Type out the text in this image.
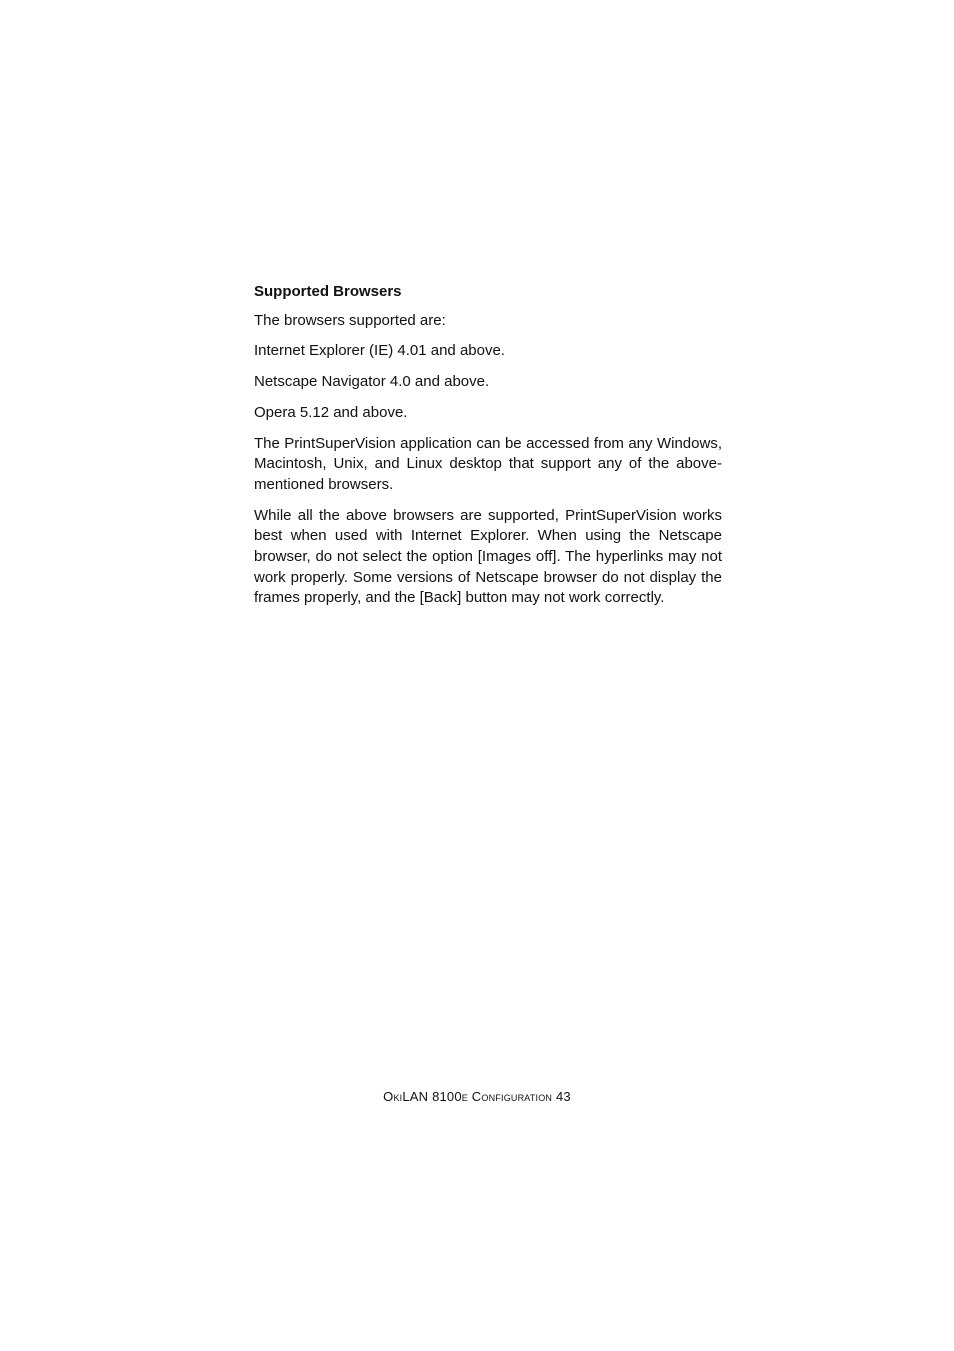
Supported Browsers

The browsers supported are:

Internet Explorer (IE) 4.01 and above.

Netscape Navigator 4.0 and above.

Opera 5.12 and above.

The PrintSuperVision application can be accessed from any Windows, Macintosh, Unix, and Linux desktop that support any of the above-mentioned browsers.

While all the above browsers are supported, PrintSuperVision works best when used with Internet Explorer. When using the Netscape browser, do not select the option [Images off]. The hyperlinks may not work properly. Some versions of Netscape browser do not display the frames properly, and the [Back] button may not work correctly.

OkiLAN 8100e Configuration 43
